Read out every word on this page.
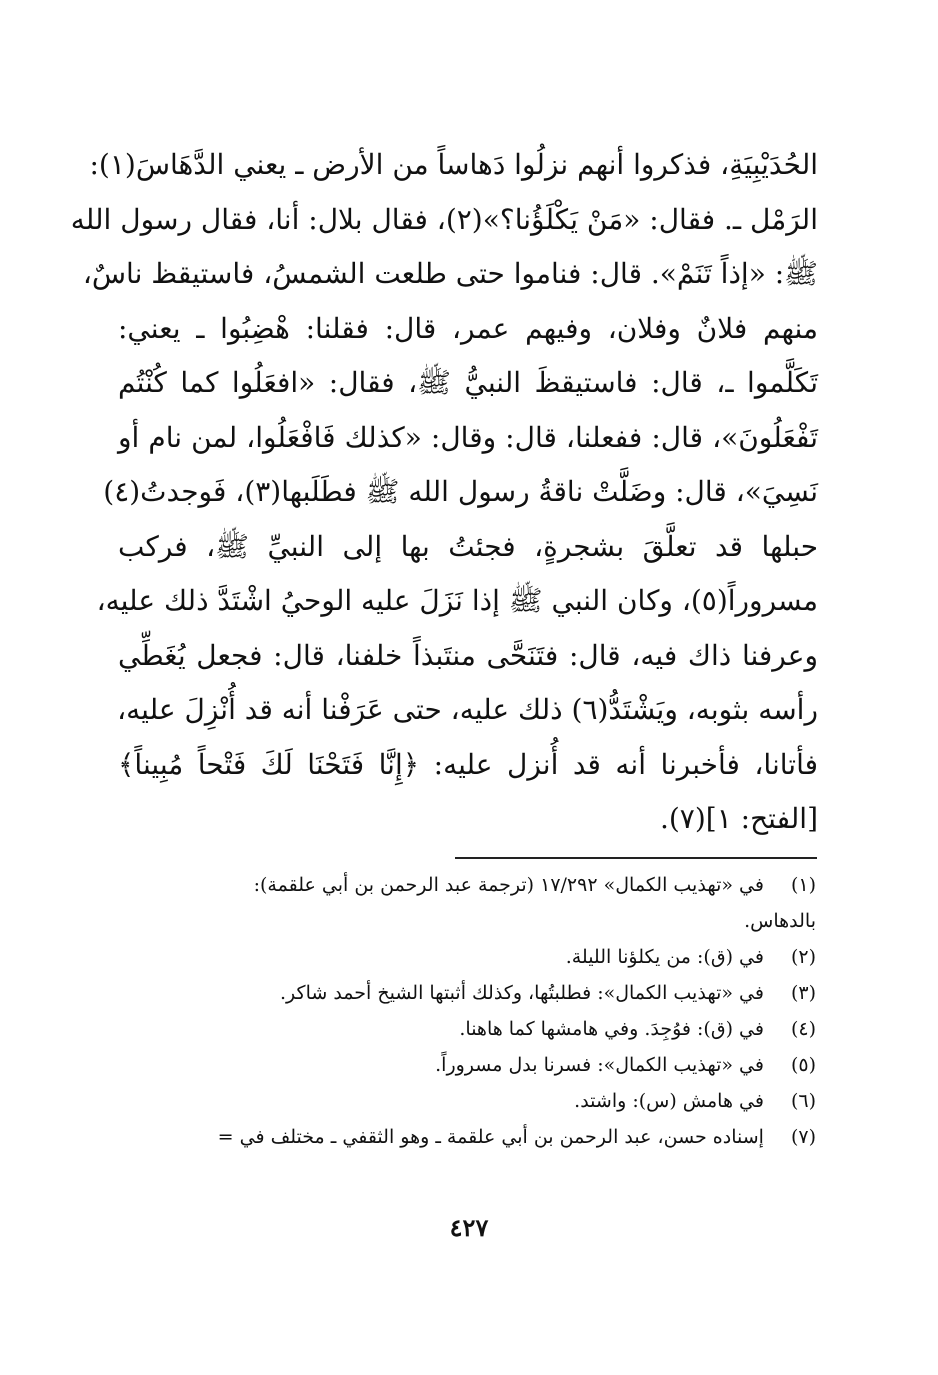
الحُدَيْبِيَةِ، فذكروا أنهم نزلُوا دَهاساً من الأرض ـ يعني الدَّهَاسَ(١):
الرَمْل ـ. فقال: «مَنْ يَكْلَؤُنا؟»(٢)، فقال بلال: أنا، فقال رسول الله
ﷺ: «إذاً تَنَمْ». قال: فناموا حتى طلعت الشمسُ، فاستيقظ ناسٌ،
منهم فلانٌ وفلان، وفيهم عمر، قال: فقلنا: هْضِبُوا ـ يعني:
تَكَلَّموا ـ، قال: فاستيقظَ النبيُّ ﷺ، فقال: «افعَلُوا كما كُنْتُم
تَفْعَلُونَ»، قال: ففعلنا، قال: وقال: «كذلك فَافْعَلُوا، لمن نام أو
نَسِيَ»، قال: وضَلَّتْ ناقةُ رسول الله ﷺ فطَلَبها(٣)، فَوجدتُ(٤)
حبلها قد تعلَّقَ بشجرةٍ، فجئتُ بها إلى النبيِّ ﷺ، فركب
مسروراً(٥)، وكان النبي ﷺ إذا نَزَلَ عليه الوحيُ اشْتَدَّ ذلك عليه،
وعرفنا ذاك فيه، قال: فتَنَحَّى منتَبذاً خلفنا، قال: فجعل يُغَطِّي
رأسه بثوبه، ويَشْتَدُّ(٦) ذلك عليه، حتى عَرَفْنا أنه قد أُنْزِلَ عليه،
فأتانا، فأخبرنا أنه قد أُنزل عليه: ﴿إِنَّا فَتَحْنَا لَكَ فَتْحاً مُبِيناً﴾
[الفتح: ١](٧).
(١) في «تهذيب الكمال» ١٧/٢٩٢ (ترجمة عبد الرحمن بن أبي علقمة):
بالدهاس.
(٢) في (ق): من يكلؤنا الليلة.
(٣) في «تهذيب الكمال»: فطلبتُها، وكذلك أثبتها الشيخ أحمد شاكر.
(٤) في (ق): فوُجِدَ. وفي هامشها كما هاهنا.
(٥) في «تهذيب الكمال»: فسرنا بدل مسروراً.
(٦) في هامش (س): واشتد.
(٧) إسناده حسن، عبد الرحمن بن أبي علقمة ـ وهو الثقفي ـ مختلف في =
٤٢٧
